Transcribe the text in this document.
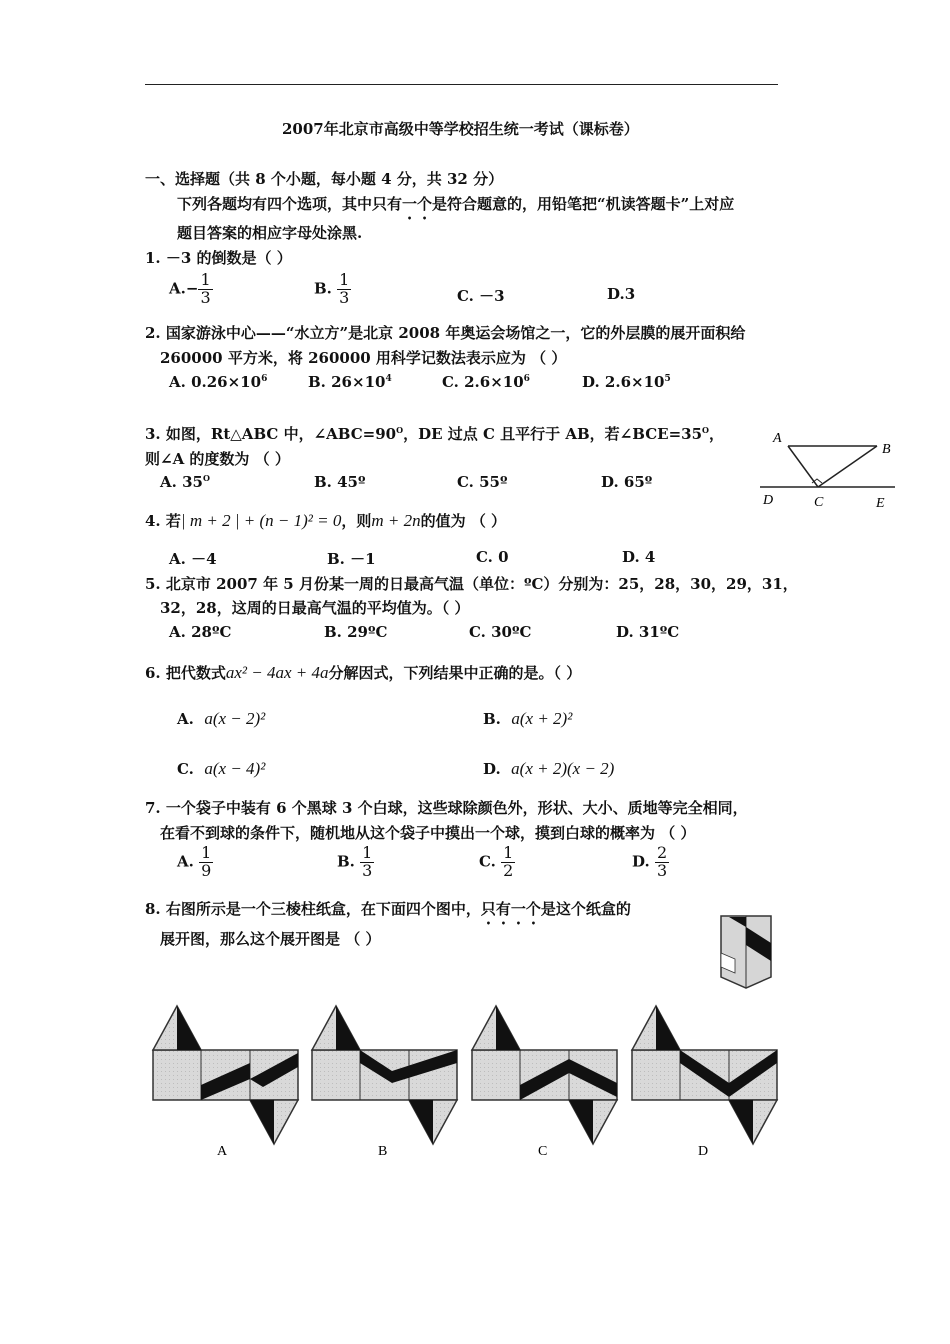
2007年北京市高级中等学校招生统一考试（课标卷）
一、选择题（共 8 个小题，每小题 4 分，共 32 分）
下列各题均有四个选项，其中只有一个是符合题意的，用铅笔把“机读答题卡”上对应
题目答案的相应字母处涂黑.
1. －3 的倒数是（ ）
$A.- \frac{1}{3}$	B. $\frac{1}{3}$	C. －3	D.3
2. 国家游泳中心——“水立方”是北京 2008 年奥运会场馆之一，它的外层膜的展开面积给
260000 平方米，将 260000 用科学记数法表示应为 （ ）
A. $0.26\times 10^6$	B. $26\times 10^4$	C. $2.6\times 10^6$	D. $2.6\times 10^5$
3. 如图，Rt△ABC 中，$\angle ABC=90^O$，DE 过点 C 且平行于 AB，若$\angle BCE=35^O$，
则∠A 的度数为 （ ）
A. $35^O$	B. 45º	C. 55º	D. 65º
A
B
D	C	E
4. 若| m + 2 | + (n − 1)² = 0，则m + 2n的值为 （ ）
A. －4	B. －1	C. 0	D. 4
5. 北京市 2007 年 5 月份某一周的日最高气温（单位：ºC）分别为：25，28，30，29，31，
32，28，这周的日最高气温的平均值为。（ ）
A. 28ºC	B. 29ºC	C. 30ºC	D. 31ºC
6. 把代数式ax² − 4ax + 4a分解因式，下列结果中正确的是。（ ）
A. a(x − 2)²	B. a(x + 2)²
C. a(x − 4)²	D. a(x + 2)(x − 2)
7. 一个袋子中装有 6 个黑球 3 个白球，这些球除颜色外，形状、大小、质地等完全相同，
在看不到球的条件下，随机地从这个袋子中摸出一个球，摸到白球的概率为 （ ）
A. $\frac{1}{9}$	B. $\frac{1}{3}$	C. $\frac{1}{2}$	D. $\frac{2}{3}$
8. 右图所示是一个三棱柱纸盒，在下面四个图中，只有一个是这个纸盒的
展开图，那么这个展开图是 （ ）
A	B	C	D
